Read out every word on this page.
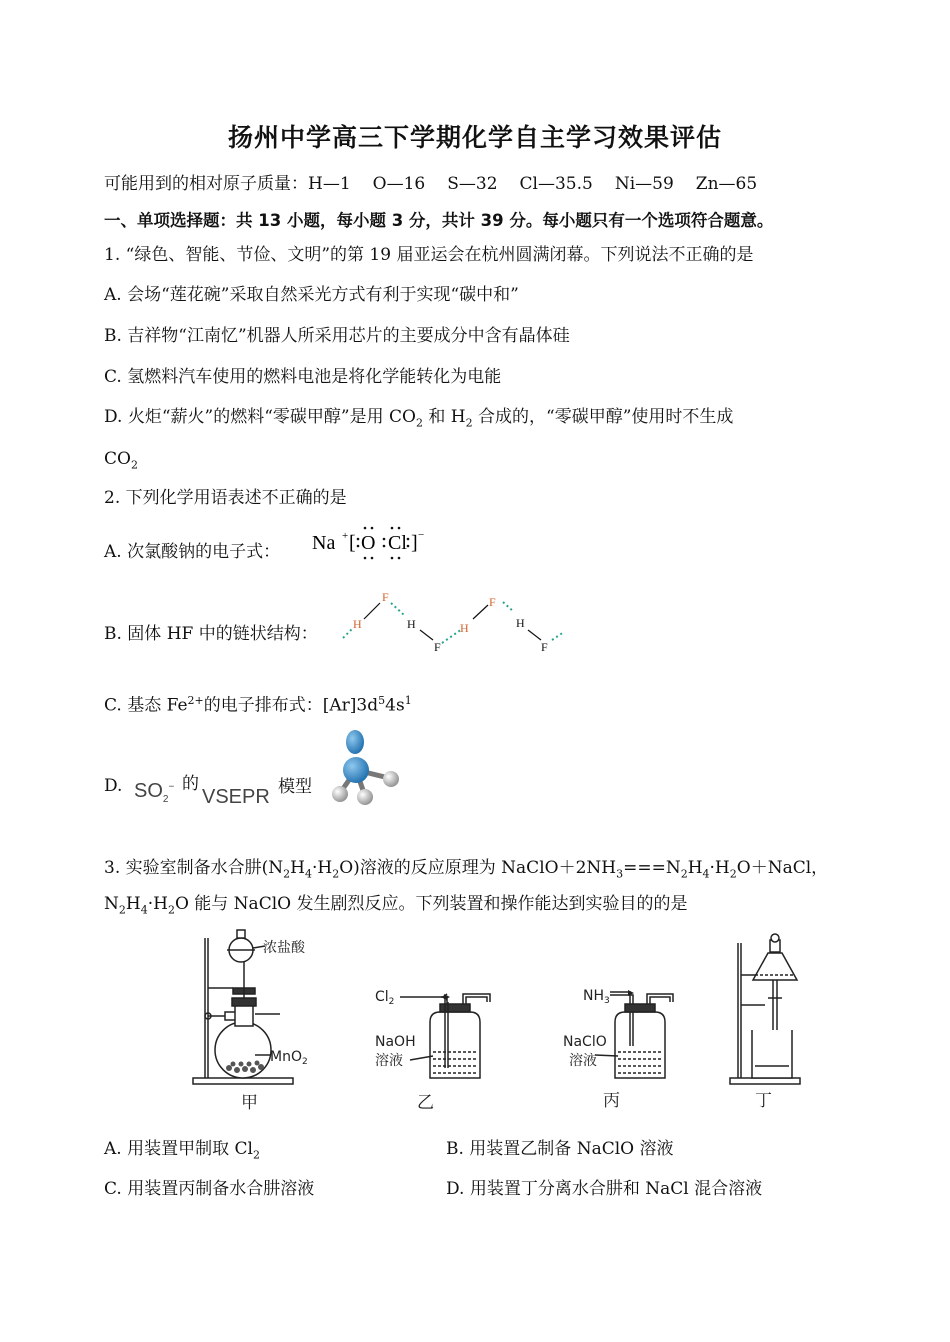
扬州中学高三下学期化学自主学习效果评估
可能用到的相对原子质量：H—1 O—16 S—32 Cl—35.5 Ni—59 Zn—65
一、单项选择题：共 13 小题，每小题 3 分，共计 39 分。每小题只有一个选项符合题意。
1. “绿色、智能、节俭、文明”的第 19 届亚运会在杭州圆满闭幕。下列说法不正确的是
A. 会场“莲花碗”采取自然采光方式有利于实现“碳中和”
B. 吉祥物“江南忆”机器人所采用芯片的主要成分中含有晶体硅
C. 氢燃料汽车使用的燃料电池是将化学能转化为电能
D. 火炬“薪火”的燃料“零碳甲醇”是用 $CO_2$ 和 $H_2$ 合成的，“零碳甲醇”使用时不生成
$CO_2$
2. 下列化学用语表述不正确的是
A. 次氯酸钠的电子式： Na + [ O Cl ] −
B. 固体 HF 中的链状结构：	H
F
H
F
H
F
H
F
C. 基态 $Fe^{2+}$的电子排布式：$[Ar]3d^54s^1$
D. $SO_2^-$ 的
VSEPR 模型
3. 实验室制备水合肼$(N_2H_4\cdot H_2O)$溶液的反应原理为 $NaClO+2NH_3===N_2H_4\cdot H_2O+NaCl$，
$N_2H_4\cdot H_2O$ 能与 NaClO 发生剧烈反应。下列装置和操作能达到实验目的的是
浓盐酸
MnO$_2$
$Cl_2$
NaOH
溶液
$NH_3$
NaClO
溶液
甲	乙	丙	丁
A. 用装置甲制取 $Cl_2$	B. 用装置乙制备 NaClO 溶液
C. 用装置丙制备水合肼溶液	D. 用装置丁分离水合肼和 NaCl 混合溶液
